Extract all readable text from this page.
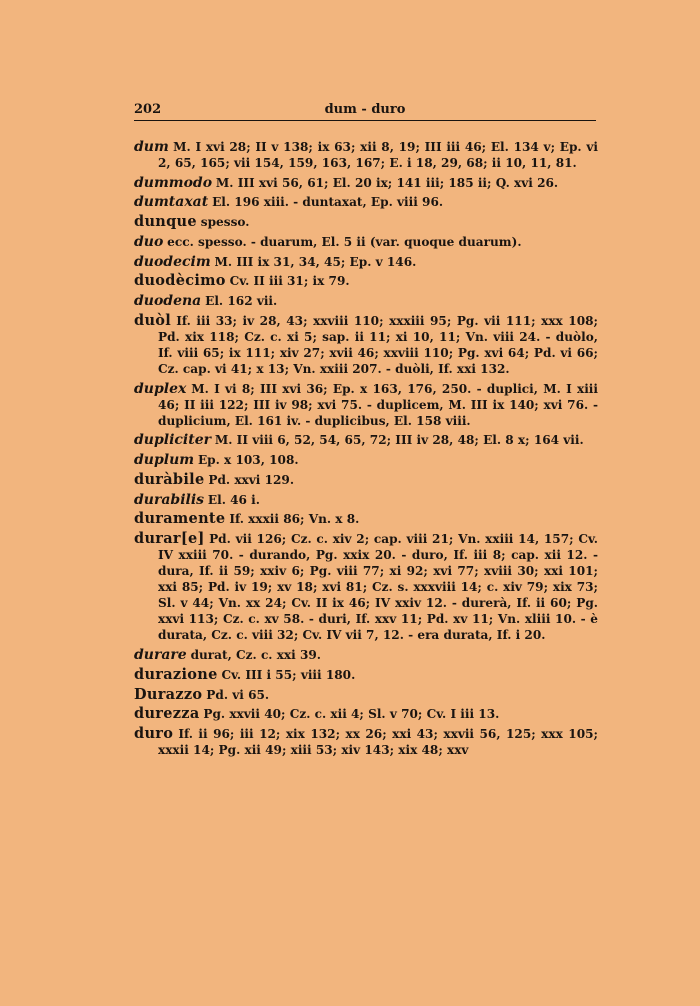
202	dum - duro
dum M. I xvi 28; II v 138; ix 63; xii 8, 19; III iii 46; El. 134 v; Ep. vi 2, 65, 165; vii 154, 159, 163, 167; E. i 18, 29, 68; ii 10, 11, 81.
dummodo M. III xvi 56, 61; El. 20 ix; 141 iii; 185 ii; Q. xvi 26.
dumtaxat El. 196 xiii. - duntaxat, Ep. viii 96.
dunque spesso.
duo ecc. spesso. - duarum, El. 5 ii (var. quoque duarum).
duodecim M. III ix 31, 34, 45; Ep. v 146.
duodècimo Cv. II iii 31; ix 79.
duodena El. 162 vii.
duòl If. iii 33; iv 28, 43; xxviii 110; xxxiii 95; Pg. vii 111; xxx 108; Pd. xix 118; Cz. c. xi 5; sap. ii 11; xi 10, 11; Vn. viii 24. - duòlo, If. viii 65; ix 111; xiv 27; xvii 46; xxviii 110; Pg. xvi 64; Pd. vi 66; Cz. cap. vi 41; x 13; Vn. xxiii 207. - duòli, If. xxi 132.
duplex M. I vi 8; III xvi 36; Ep. x 163, 176, 250. - duplici, M. I xiii 46; II iii 122; III iv 98; xvi 75. - duplicem, M. III ix 140; xvi 76. - duplicium, El. 161 iv. - duplicibus, El. 158 viii.
dupliciter M. II viii 6, 52, 54, 65, 72; III iv 28, 48; El. 8 x; 164 vii.
duplum Ep. x 103, 108.
duràbile Pd. xxvi 129.
durabilis El. 46 i.
duramente If. xxxii 86; Vn. x 8.
durar[e] Pd. vii 126; Cz. c. xiv 2; cap. viii 21; Vn. xxiii 14, 157; Cv. IV xxiii 70. - durando, Pg. xxix 20. - duro, If. iii 8; cap. xii 12. - dura, If. ii 59; xxiv 6; Pg. viii 77; xi 92; xvi 77; xviii 30; xxi 101; xxi 85; Pd. iv 19; xv 18; xvi 81; Cz. s. xxxviii 14; c. xiv 79; xix 73; Sl. v 44; Vn. xx 24; Cv. II ix 46; IV xxiv 12. - durerà, If. ii 60; Pg. xxvi 113; Cz. c. xv 58. - duri, If. xxv 11; Pd. xv 11; Vn. xliii 10. - è durata, Cz. c. viii 32; Cv. IV vii 7, 12. - era durata, If. i 20.
durare durat, Cz. c. xxi 39.
durazione Cv. III i 55; viii 180.
Durazzo Pd. vi 65.
durezza Pg. xxvii 40; Cz. c. xii 4; Sl. v 70; Cv. I iii 13.
duro If. ii 96; iii 12; xix 132; xx 26; xxi 43; xxvii 56, 125; xxx 105; xxxii 14; Pg. xii 49; xiii 53; xiv 143; xix 48; xxv
